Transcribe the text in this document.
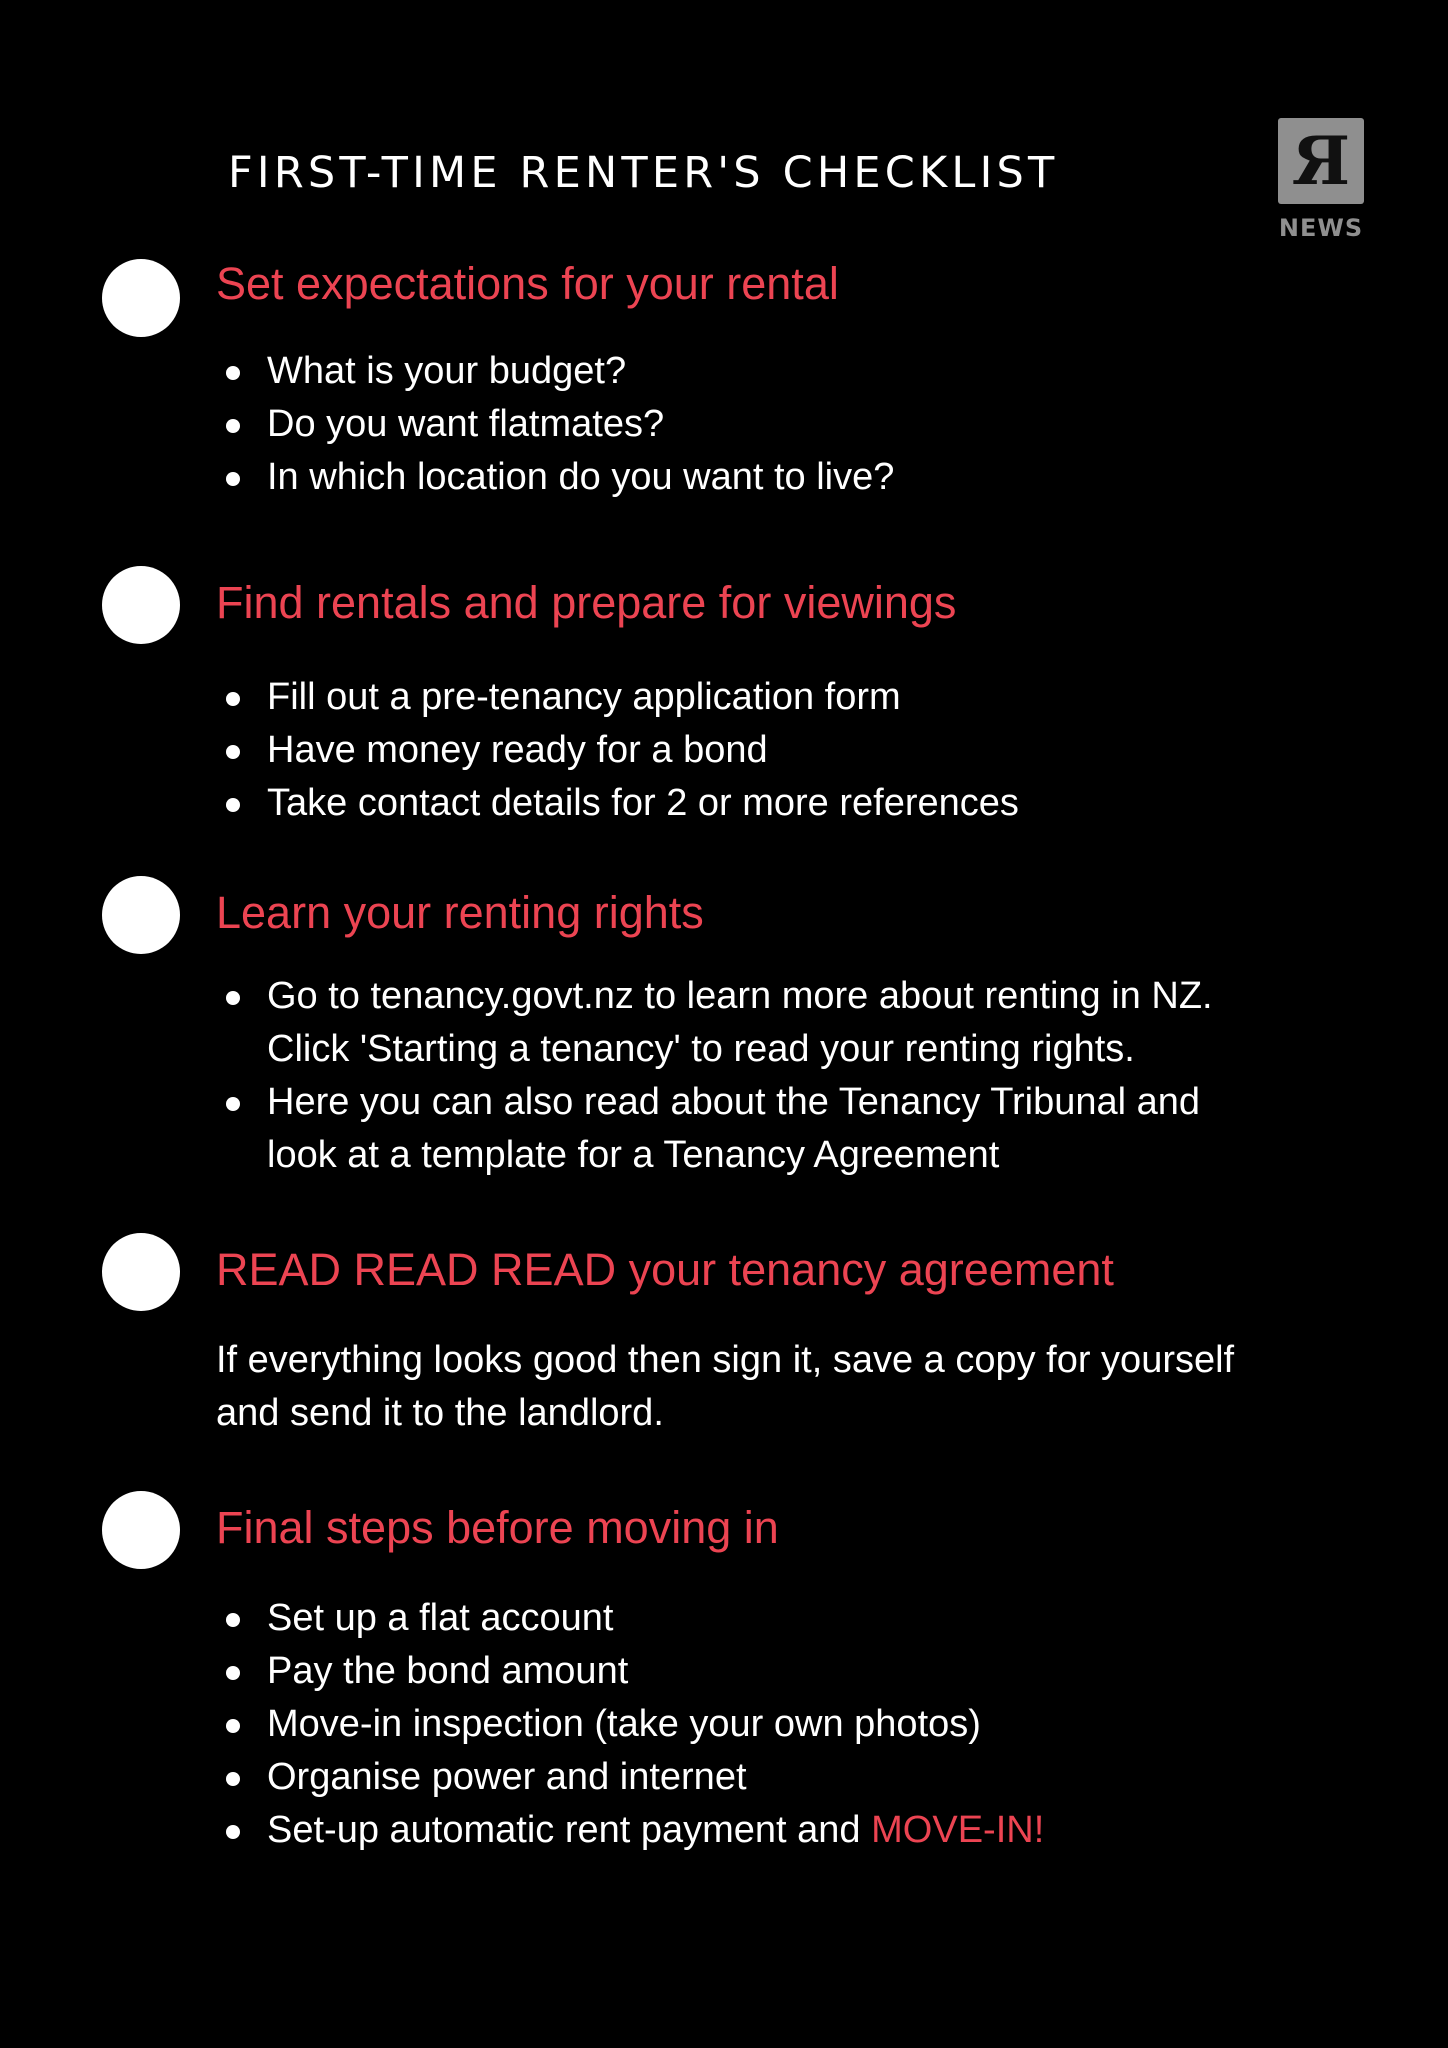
FIRST-TIME RENTER'S CHECKLIST	Я
NEWS
Set expectations for your rental
What is your budget?
Do you want flatmates?
In which location do you want to live?
Find rentals and prepare for viewings
Fill out a pre-tenancy application form
Have money ready for a bond
Take contact details for 2 or more references
Learn your renting rights
Go to tenancy.govt.nz to learn more about renting in NZ.
Click 'Starting a tenancy' to read your renting rights.
Here you can also read about the Tenancy Tribunal and
look at a template for a Tenancy Agreement
READ READ READ your tenancy agreement

If everything looks good then sign it, save a copy for yourself
and send it to the landlord.

Final steps before moving in
Set up a flat account
Pay the bond amount
Move-in inspection (take your own photos)
Organise power and internet
Set-up automatic rent payment and MOVE-IN!
